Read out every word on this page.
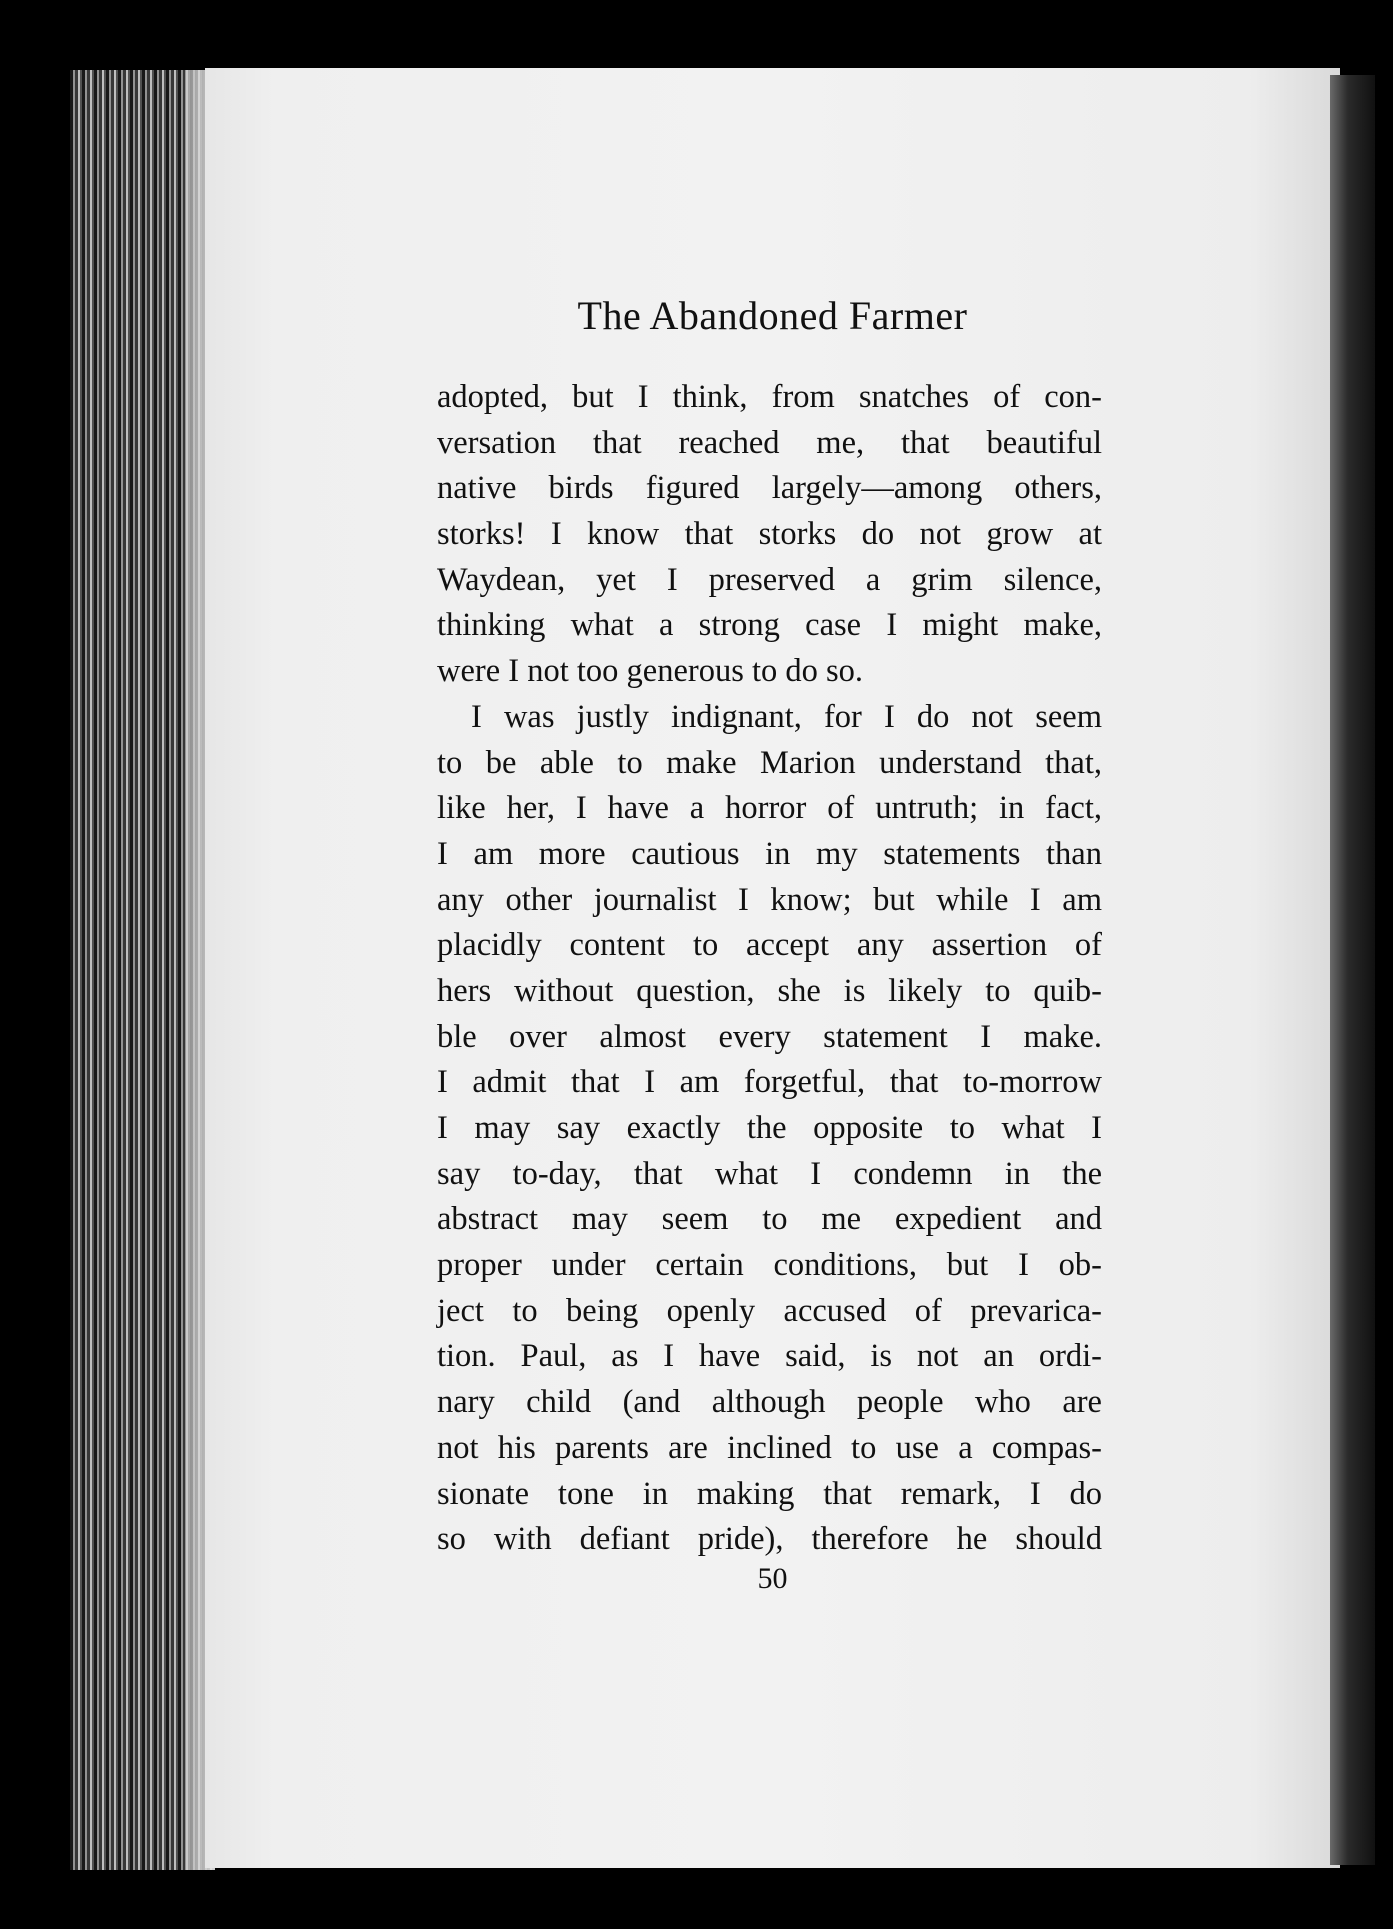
The Abandoned Farmer
adopted, but I think, from snatches of con-
versation that reached me, that beautiful
native birds figured largely—among others,
storks! I know that storks do not grow at
Waydean, yet I preserved a grim silence,
thinking what a strong case I might make,
were I not too generous to do so.
I was justly indignant, for I do not seem
to be able to make Marion understand that,
like her, I have a horror of untruth; in fact,
I am more cautious in my statements than
any other journalist I know; but while I am
placidly content to accept any assertion of
hers without question, she is likely to quib-
ble over almost every statement I make.
I admit that I am forgetful, that to-morrow
I may say exactly the opposite to what I
say to-day, that what I condemn in the
abstract may seem to me expedient and
proper under certain conditions, but I ob-
ject to being openly accused of prevarica-
tion. Paul, as I have said, is not an ordi-
nary child (and although people who are
not his parents are inclined to use a compas-
sionate tone in making that remark, I do
so with defiant pride), therefore he should
50
